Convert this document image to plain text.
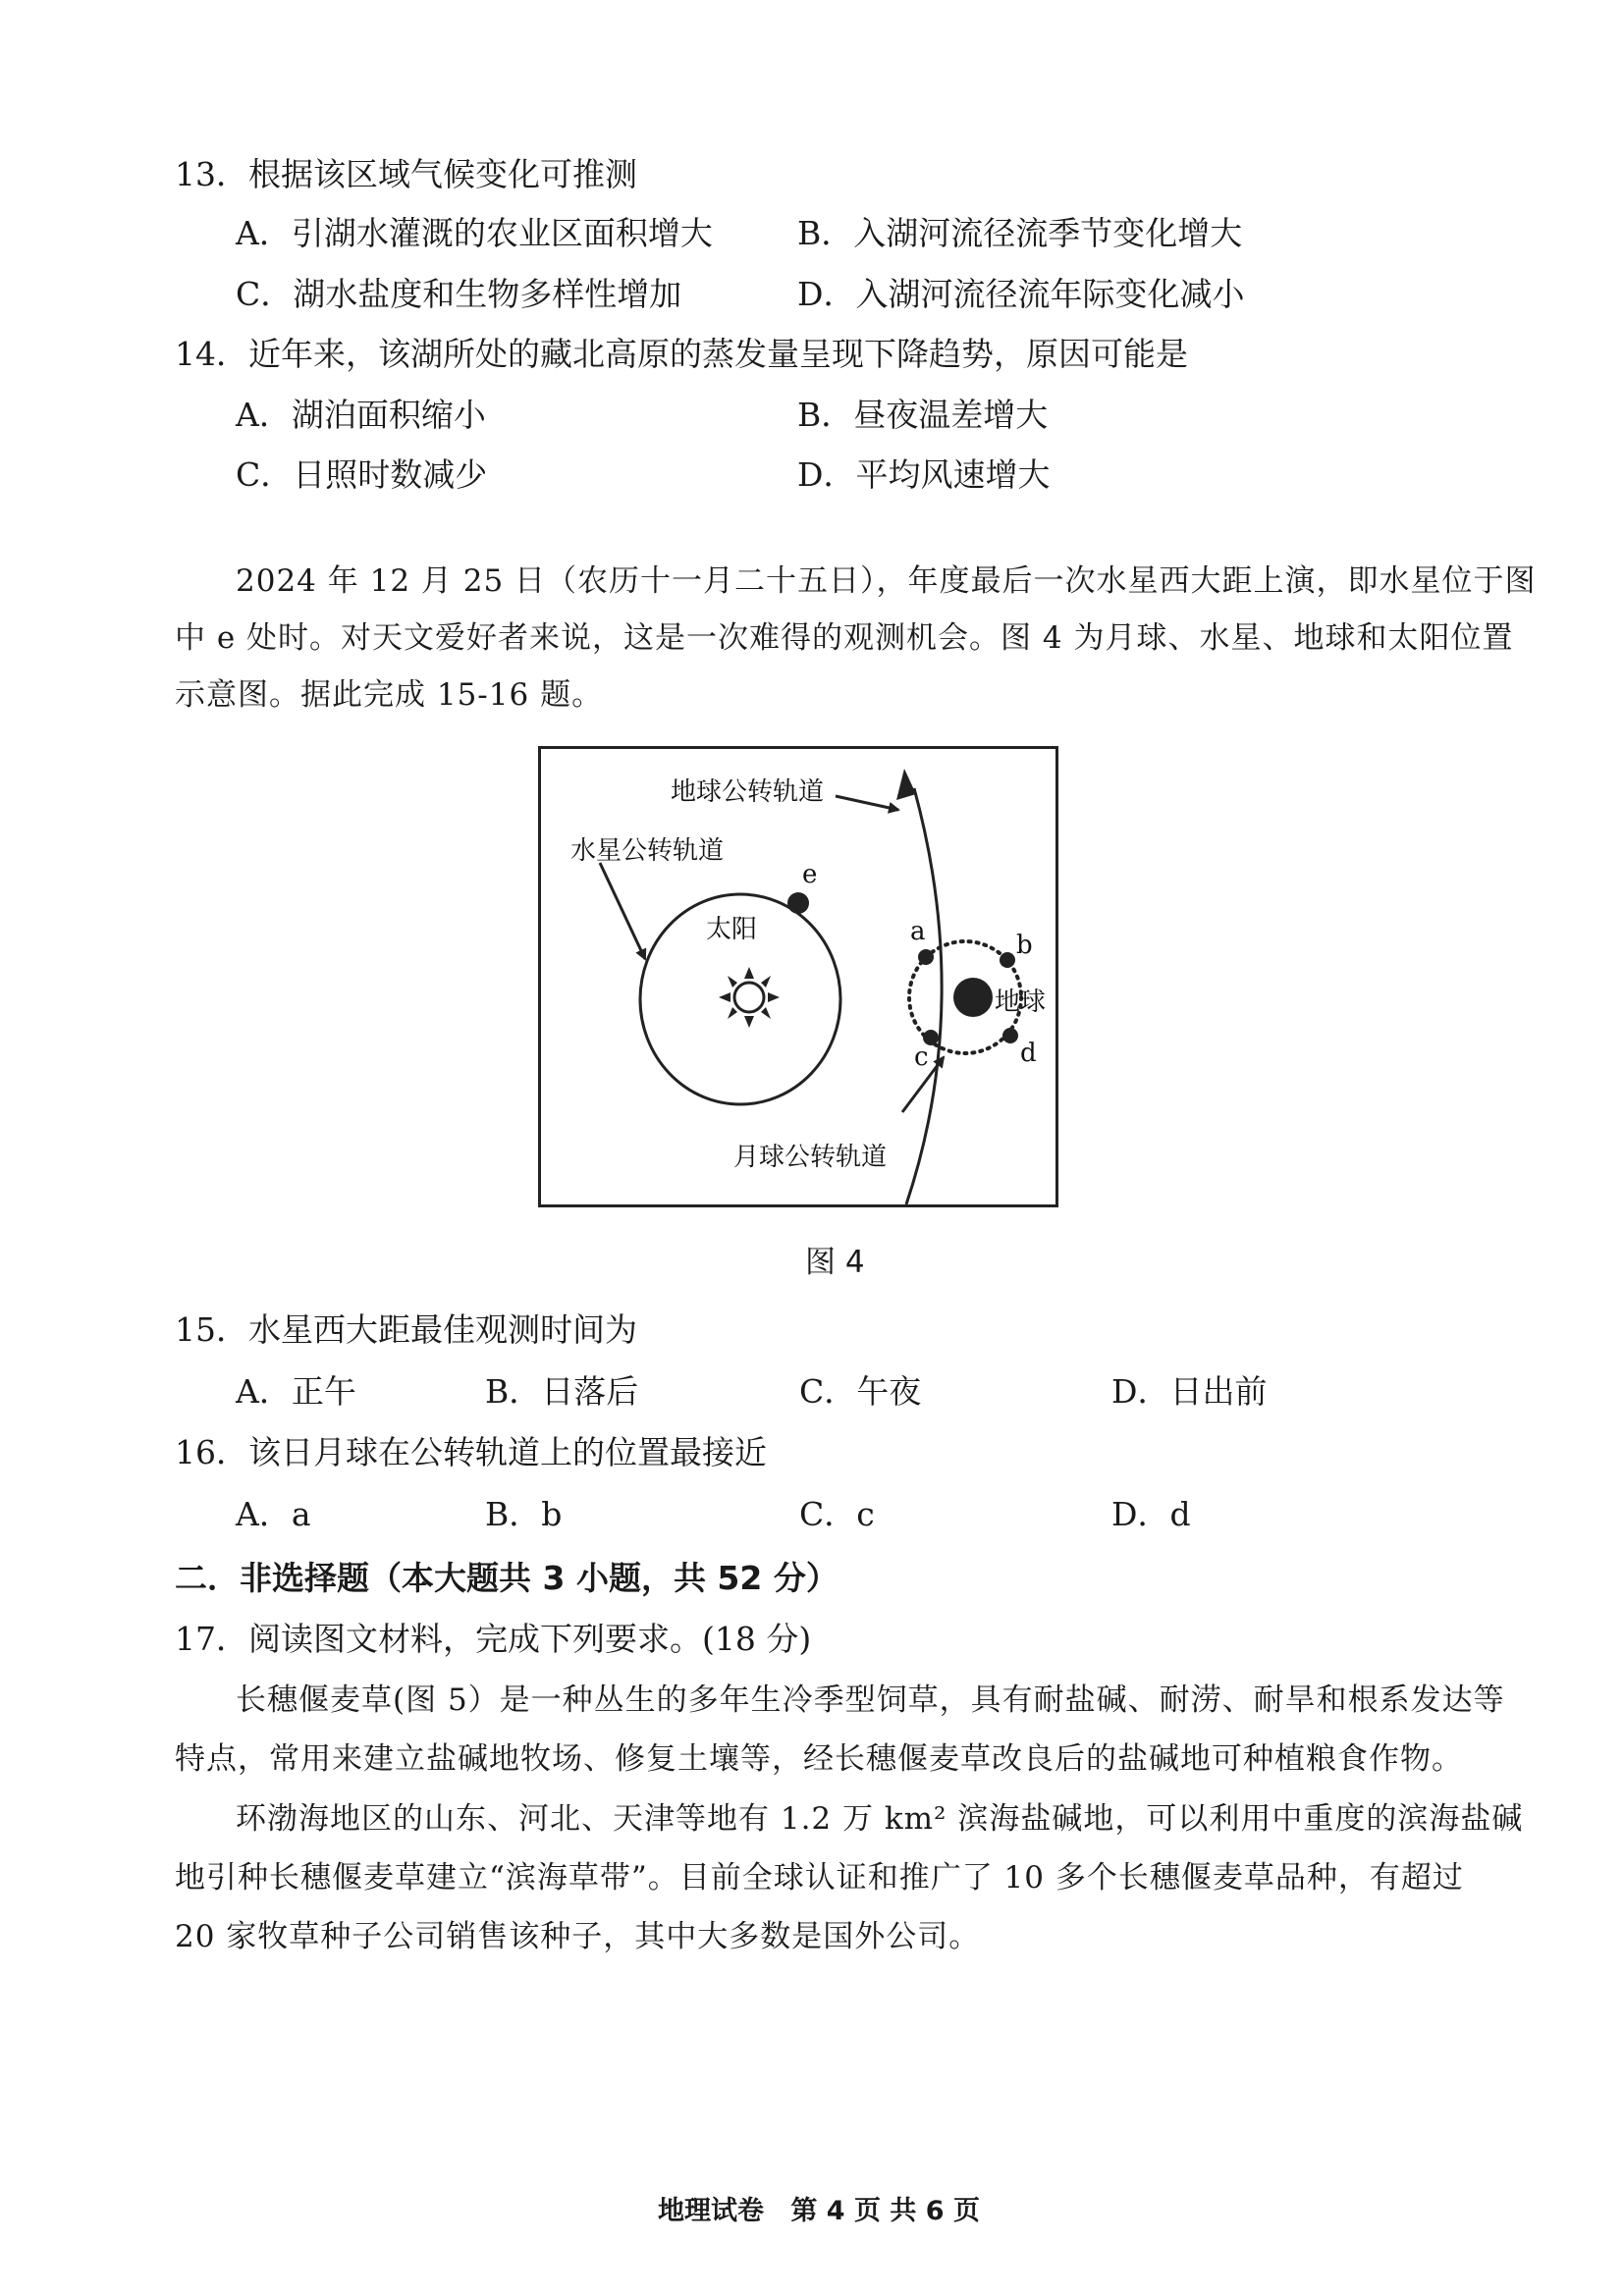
13．根据该区域气候变化可推测
A．引湖水灌溉的农业区面积增大	B．入湖河流径流季节变化增大
C．湖水盐度和生物多样性增加	D．入湖河流径流年际变化减小
14．近年来，该湖所处的藏北高原的蒸发量呈现下降趋势，原因可能是
A．湖泊面积缩小	B．昼夜温差增大
C．日照时数减少	D．平均风速增大
2024 年 12 月 25 日（农历十一月二十五日），年度最后一次水星西大距上演，即水星位于图
中 e 处时。对天文爱好者来说，这是一次难得的观测机会。图 4 为月球、水星、地球和太阳位置
示意图。据此完成 15-16 题。
地球公转轨道
水星公转轨道
太阳
地球
月球公转轨道
e
a	b
c	d
图 4
15．水星西大距最佳观测时间为
A．正午	B．日落后	C．午夜	D．日出前
16．该日月球在公转轨道上的位置最接近
A．a	B．b	C．c	D．d
二．非选择题（本大题共 3 小题，共 52 分）
17．阅读图文材料，完成下列要求。(18 分)
长穗偃麦草(图 5）是一种丛生的多年生冷季型饲草，具有耐盐碱、耐涝、耐旱和根系发达等
特点，常用来建立盐碱地牧场、修复土壤等，经长穗偃麦草改良后的盐碱地可种植粮食作物。
环渤海地区的山东、河北、天津等地有 1.2 万 km² 滨海盐碱地，可以利用中重度的滨海盐碱
地引种长穗偃麦草建立“滨海草带”。目前全球认证和推广了 10 多个长穗偃麦草品种，有超过
20 家牧草种子公司销售该种子，其中大多数是国外公司。
地理试卷 第 4 页 共 6 页
